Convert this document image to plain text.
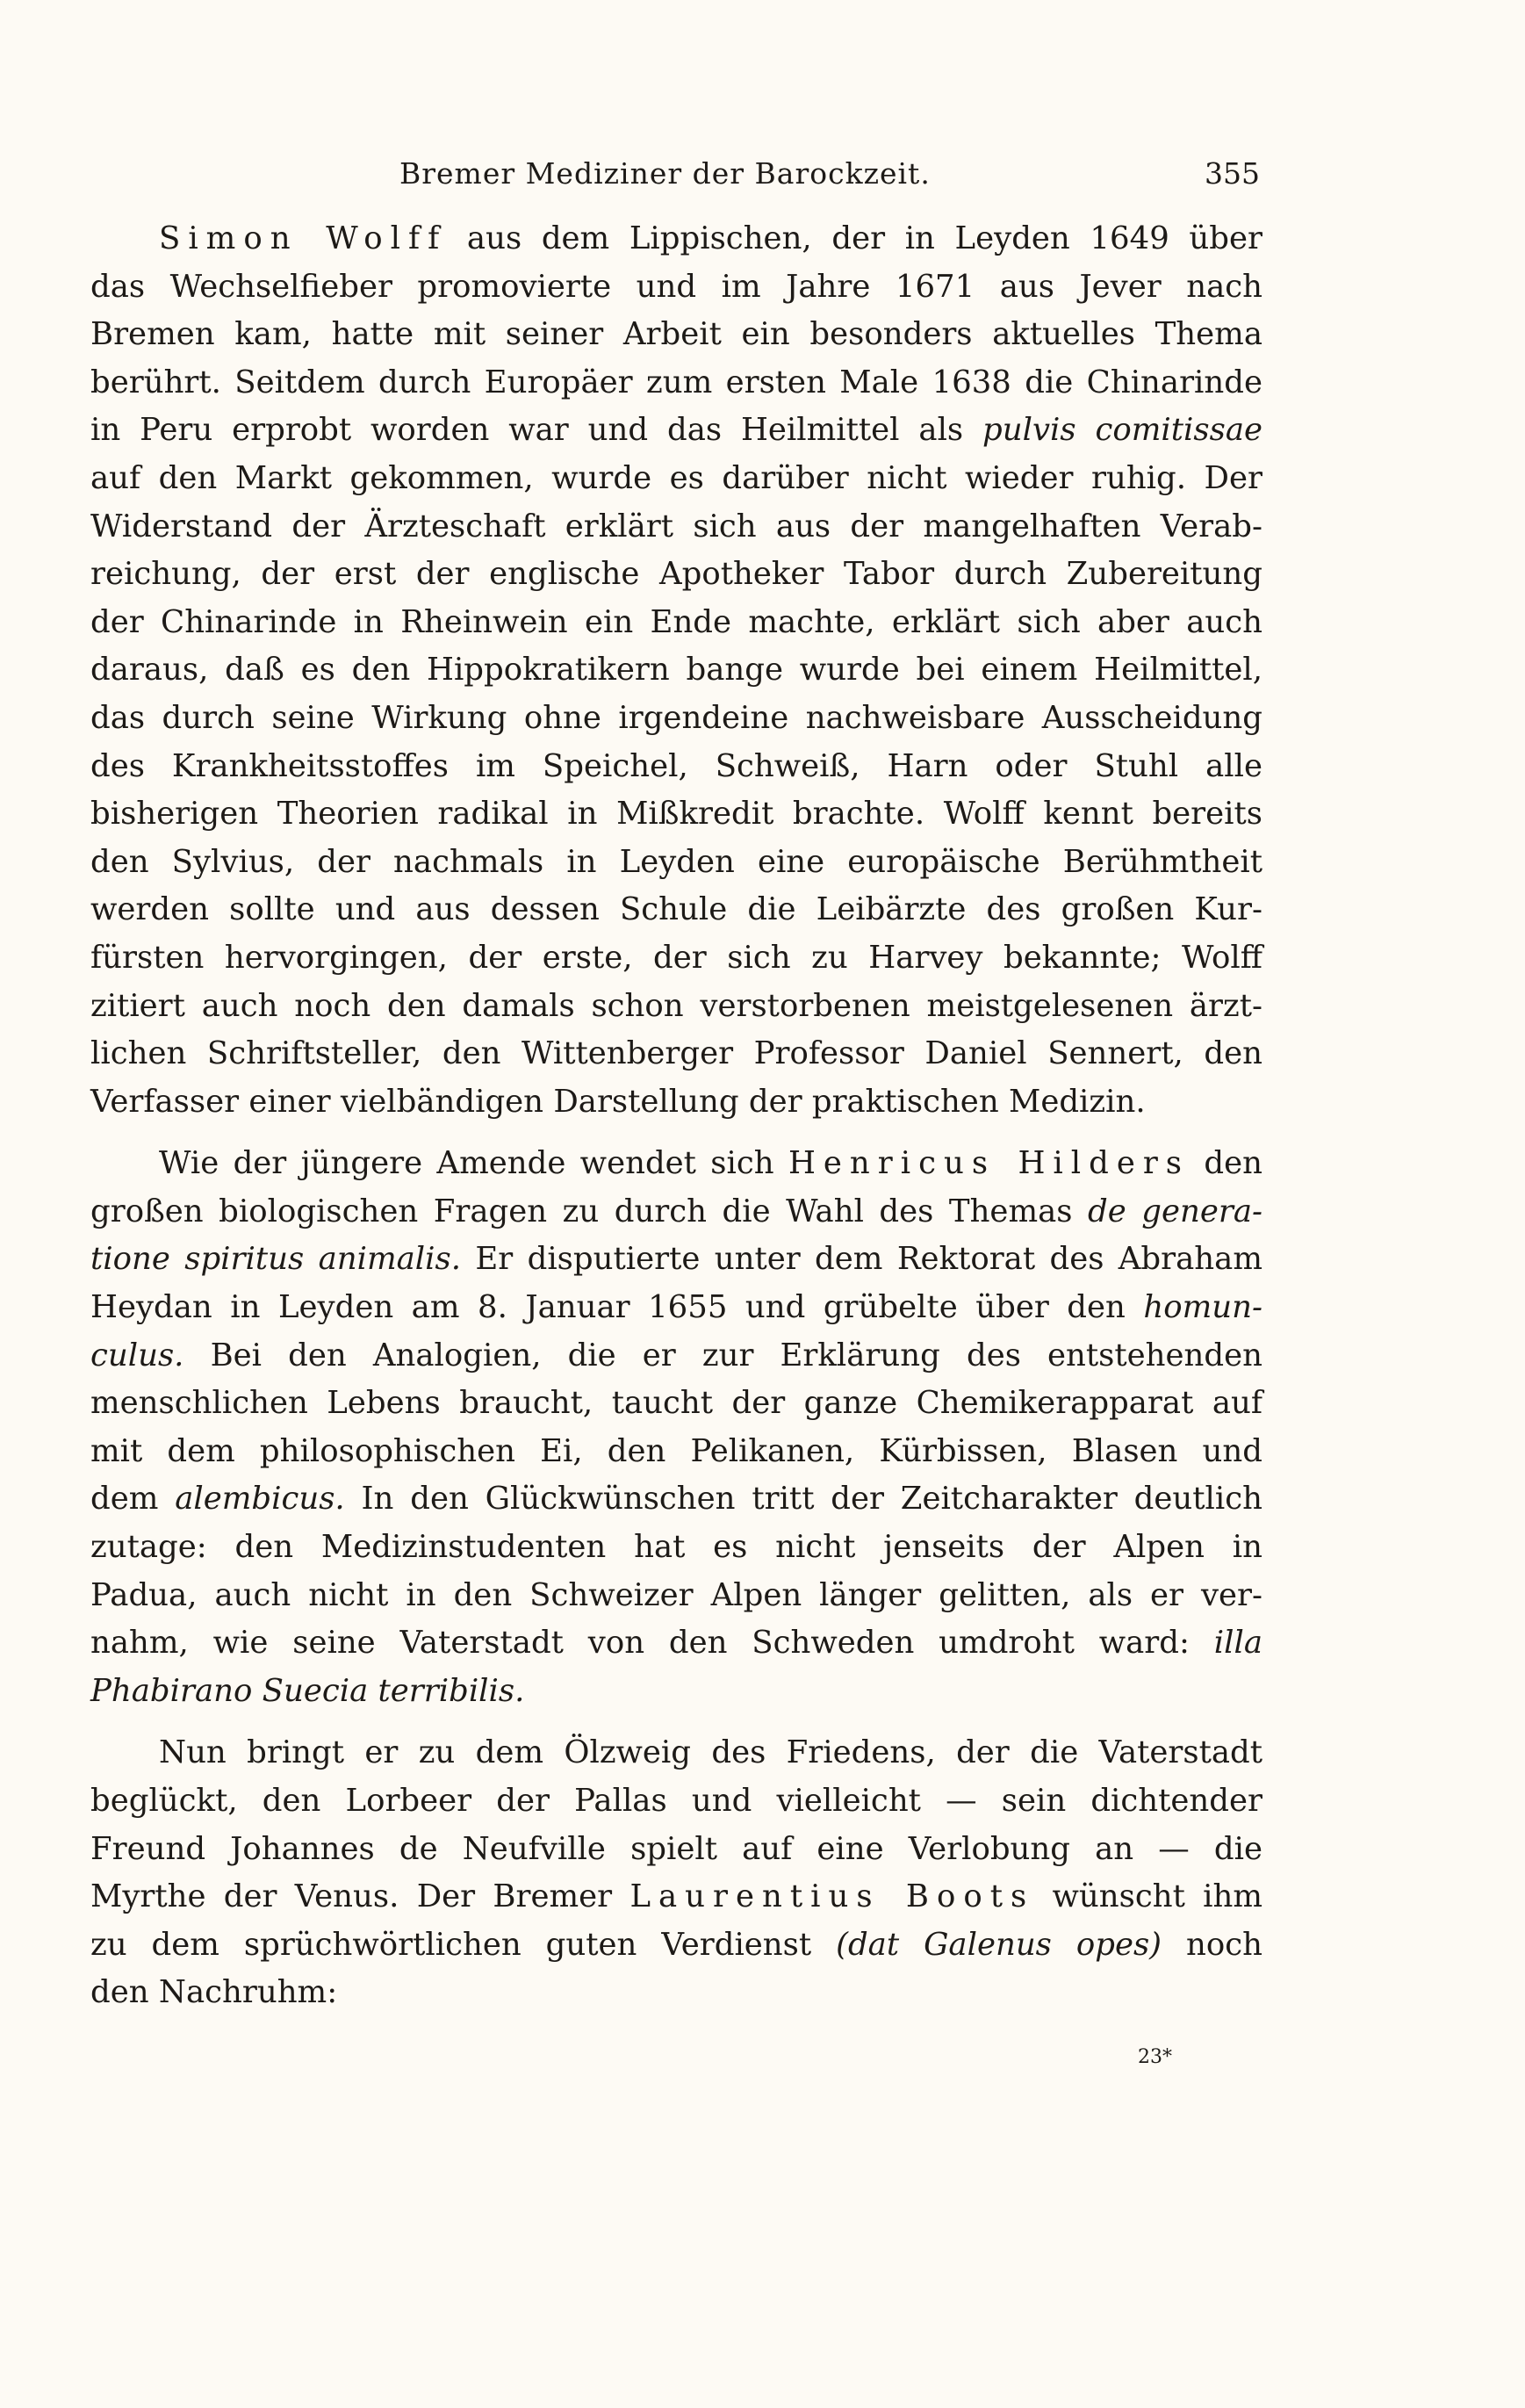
Bremer Mediziner der Barockzeit.	355
Simon Wolff aus dem Lippischen, der in Leyden 1649 über
das Wechselfieber promovierte und im Jahre 1671 aus Jever nach
Bremen kam, hatte mit seiner Arbeit ein besonders aktuelles Thema
berührt. Seitdem durch Europäer zum ersten Male 1638 die Chinarinde
in Peru erprobt worden war und das Heilmittel als pulvis comitissae
auf den Markt gekommen, wurde es darüber nicht wieder ruhig. Der
Widerstand der Ärzteschaft erklärt sich aus der mangelhaften Verab-
reichung, der erst der englische Apotheker Tabor durch Zubereitung
der Chinarinde in Rheinwein ein Ende machte, erklärt sich aber auch
daraus, daß es den Hippokratikern bange wurde bei einem Heilmittel,
das durch seine Wirkung ohne irgendeine nachweisbare Ausscheidung
des Krankheitsstoffes im Speichel, Schweiß, Harn oder Stuhl alle
bisherigen Theorien radikal in Mißkredit brachte. Wolff kennt bereits
den Sylvius, der nachmals in Leyden eine europäische Berühmtheit
werden sollte und aus dessen Schule die Leibärzte des großen Kur-
fürsten hervorgingen, der erste, der sich zu Harvey bekannte; Wolff
zitiert auch noch den damals schon verstorbenen meistgelesenen ärzt-
lichen Schriftsteller, den Wittenberger Professor Daniel Sennert, den
Verfasser einer vielbändigen Darstellung der praktischen Medizin.
Wie der jüngere Amende wendet sich Henricus Hilders den
großen biologischen Fragen zu durch die Wahl des Themas de genera-
tione spiritus animalis. Er disputierte unter dem Rektorat des Abraham
Heydan in Leyden am 8. Januar 1655 und grübelte über den homun-
culus. Bei den Analogien, die er zur Erklärung des entstehenden
menschlichen Lebens braucht, taucht der ganze Chemikerapparat auf
mit dem philosophischen Ei, den Pelikanen, Kürbissen, Blasen und
dem alembicus. In den Glückwünschen tritt der Zeitcharakter deutlich
zutage: den Medizinstudenten hat es nicht jenseits der Alpen in
Padua, auch nicht in den Schweizer Alpen länger gelitten, als er ver-
nahm, wie seine Vaterstadt von den Schweden umdroht ward: illa
Phabirano Suecia terribilis.
Nun bringt er zu dem Ölzweig des Friedens, der die Vaterstadt
beglückt, den Lorbeer der Pallas und vielleicht — sein dichtender
Freund Johannes de Neufville spielt auf eine Verlobung an — die
Myrthe der Venus. Der Bremer Laurentius Boots wünscht ihm
zu dem sprüchwörtlichen guten Verdienst (dat Galenus opes) noch
den Nachruhm:
23*
